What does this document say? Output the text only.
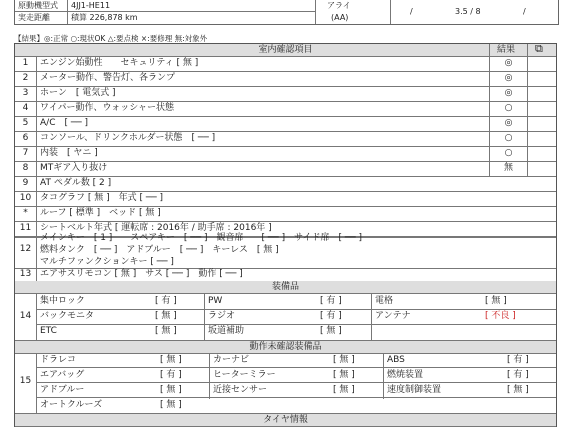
原動機型式 4JJ1-HE11
実走距離	積算 226,878 km
アライ
(AA)
/	3.5 / 8	/
【結果】◎:正常 ○:現状OK △:要点検 ×:要修理 無:対象外
室内確認項目	結果 ⧉
1	エンジン始動性　　セキュリティ [ 無 ]	◎
2	メーター動作、警告灯、各ランプ	◎
3	ホーン　[ 電気式 ]	◎
4	ワイパー動作、ウォッシャー状態	○
5	A/C　[ ── ]	◎
6	コンソール、ドリンクホルダー状態　[ ── ]	○
7	内装　[ ヤニ ]	○
8	MTギア入り抜け	無
9	AT ペダル数 [ 2 ]
10 タコグラフ [ 無 ]　年式 [ ── ]
*	ルーフ [ 標準 ]　ベッド [ 無 ]
11 シートベルト年式 [ 運転席 : 2016年 / 助手席 : 2016年 ]
12
メインキー　[ 1 ]　　スペアキー　[ ── ]　観音扉　　[ ── ]　サイド扉　[ ── ]
燃料タンク　[ ── ]　アドブルー　[ ── ]　キーレス　[ 無 ]
マルチファンクションキー [ ── ]
13 エアサスリモコン [ 無 ]　サス [ ── ]　動作 [ ── ]
装備品
14
集中ロック	[ 有 ]	PW	[ 有 ]	電格	[ 無 ]
バックモニタ	[ 無 ]	ラジオ	[ 有 ]	アンテナ	[ 不良 ]
ETC	[ 無 ]	坂道補助	[ 無 ]
動作未確認装備品
15
ドラレコ	[ 無 ]	カーナビ	[ 無 ]	ABS	[ 有 ]
エアバッグ	[ 有 ]	ヒーターミラー	[ 無 ]	燃焼装置	[ 有 ]
アドブルー	[ 無 ]	近接センサー	[ 無 ]	速度制御装置	[ 無 ]
オートクルーズ	[ 無 ]
タイヤ情報
